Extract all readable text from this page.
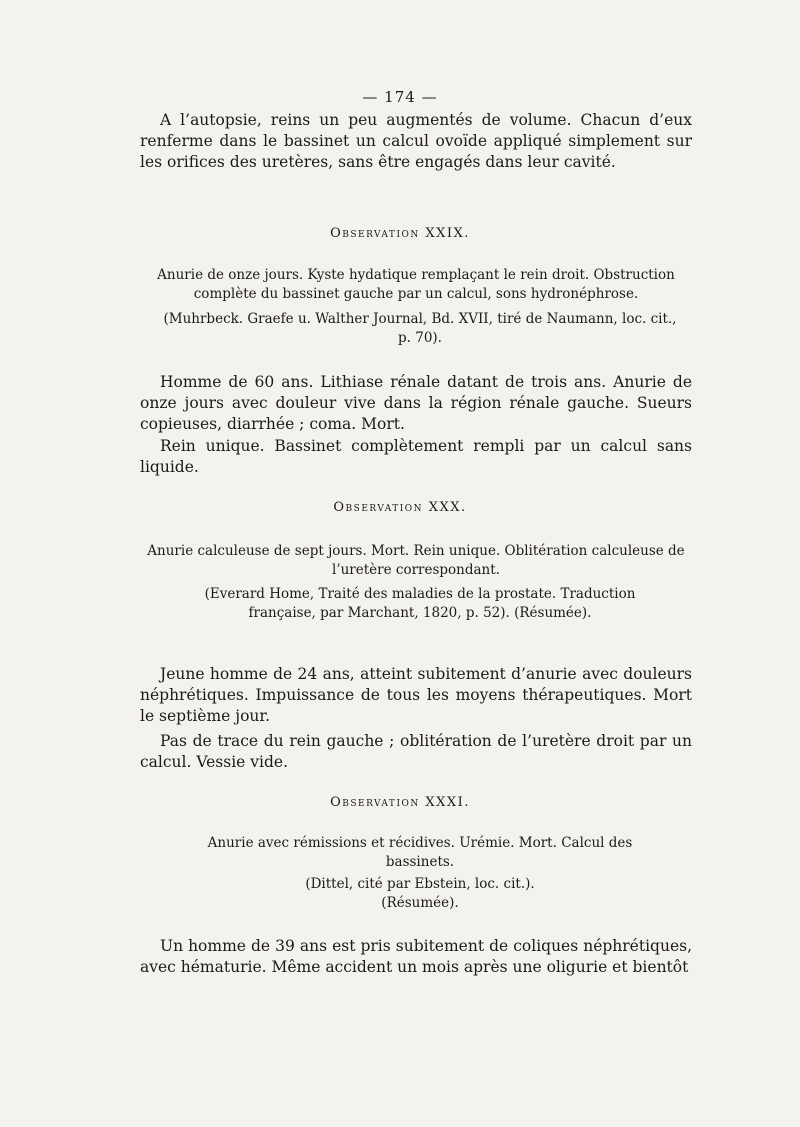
— 174 —

A l’autopsie, reins un peu augmentés de volume. Chacun d’eux renferme dans le bassinet un calcul ovoïde appliqué simplement sur les orifices des uretères, sans être engagés dans leur cavité.

Observation XXIX.

Anurie de onze jours. Kyste hydatique remplaçant le rein droit. Obstruction complète du bassinet gauche par un calcul, sons hydronéphrose.

(Muhrbeck. Graefe u. Walther Journal, Bd. XVII, tiré de Naumann, loc. cit., p. 70).

Homme de 60 ans. Lithiase rénale datant de trois ans. Anurie de onze jours avec douleur vive dans la région rénale gauche. Sueurs copieuses, diarrhée ; coma. Mort.

Rein unique. Bassinet complètement rempli par un calcul sans liquide.

Observation XXX.

Anurie calculeuse de sept jours. Mort. Rein unique. Oblitération calculeuse de l’uretère correspondant.

(Everard Home, Traité des maladies de la prostate. Traduction française, par Marchant, 1820, p. 52). (Résumée).

Jeune homme de 24 ans, atteint subitement d’anurie avec douleurs néphrétiques. Impuissance de tous les moyens thérapeutiques. Mort le septième jour.

Pas de trace du rein gauche ; oblitération de l’uretère droit par un calcul. Vessie vide.

Observation XXXI.

Anurie avec rémissions et récidives. Urémie. Mort. Calcul des bassinets.

(Dittel, cité par Ebstein, loc. cit.). (Résumée).

Un homme de 39 ans est pris subitement de coliques néphrétiques, avec hématurie. Même accident un mois après une oligurie et bientôt
